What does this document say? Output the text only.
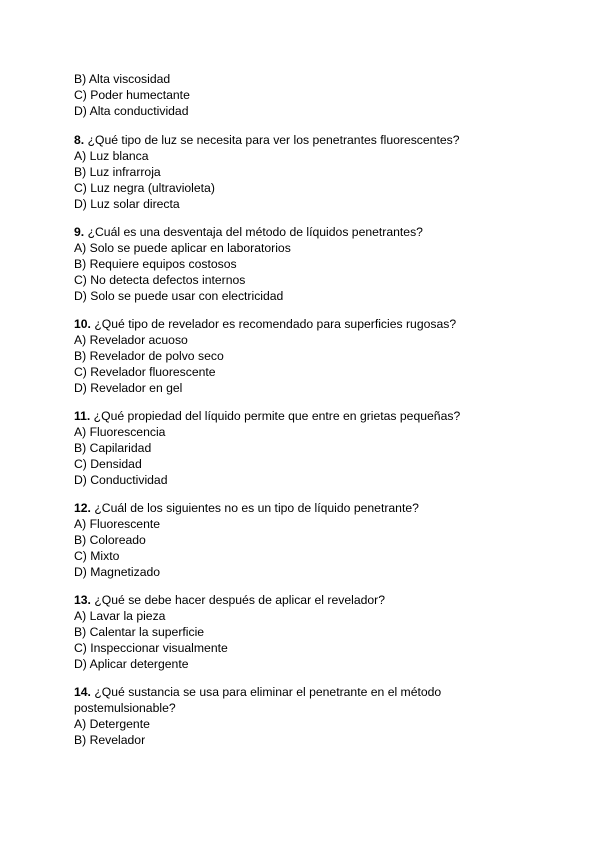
B) Alta viscosidad
C) Poder humectante
D) Alta conductividad
8. ¿Qué tipo de luz se necesita para ver los penetrantes fluorescentes?
A) Luz blanca
B) Luz infrarroja
C) Luz negra (ultravioleta)
D) Luz solar directa
9. ¿Cuál es una desventaja del método de líquidos penetrantes?
A) Solo se puede aplicar en laboratorios
B) Requiere equipos costosos
C) No detecta defectos internos
D) Solo se puede usar con electricidad
10. ¿Qué tipo de revelador es recomendado para superficies rugosas?
A) Revelador acuoso
B) Revelador de polvo seco
C) Revelador fluorescente
D) Revelador en gel
11. ¿Qué propiedad del líquido permite que entre en grietas pequeñas?
A) Fluorescencia
B) Capilaridad
C) Densidad
D) Conductividad
12. ¿Cuál de los siguientes no es un tipo de líquido penetrante?
A) Fluorescente
B) Coloreado
C) Mixto
D) Magnetizado
13. ¿Qué se debe hacer después de aplicar el revelador?
A) Lavar la pieza
B) Calentar la superficie
C) Inspeccionar visualmente
D) Aplicar detergente
14. ¿Qué sustancia se usa para eliminar el penetrante en el método
postemulsionable?
A) Detergente
B) Revelador
